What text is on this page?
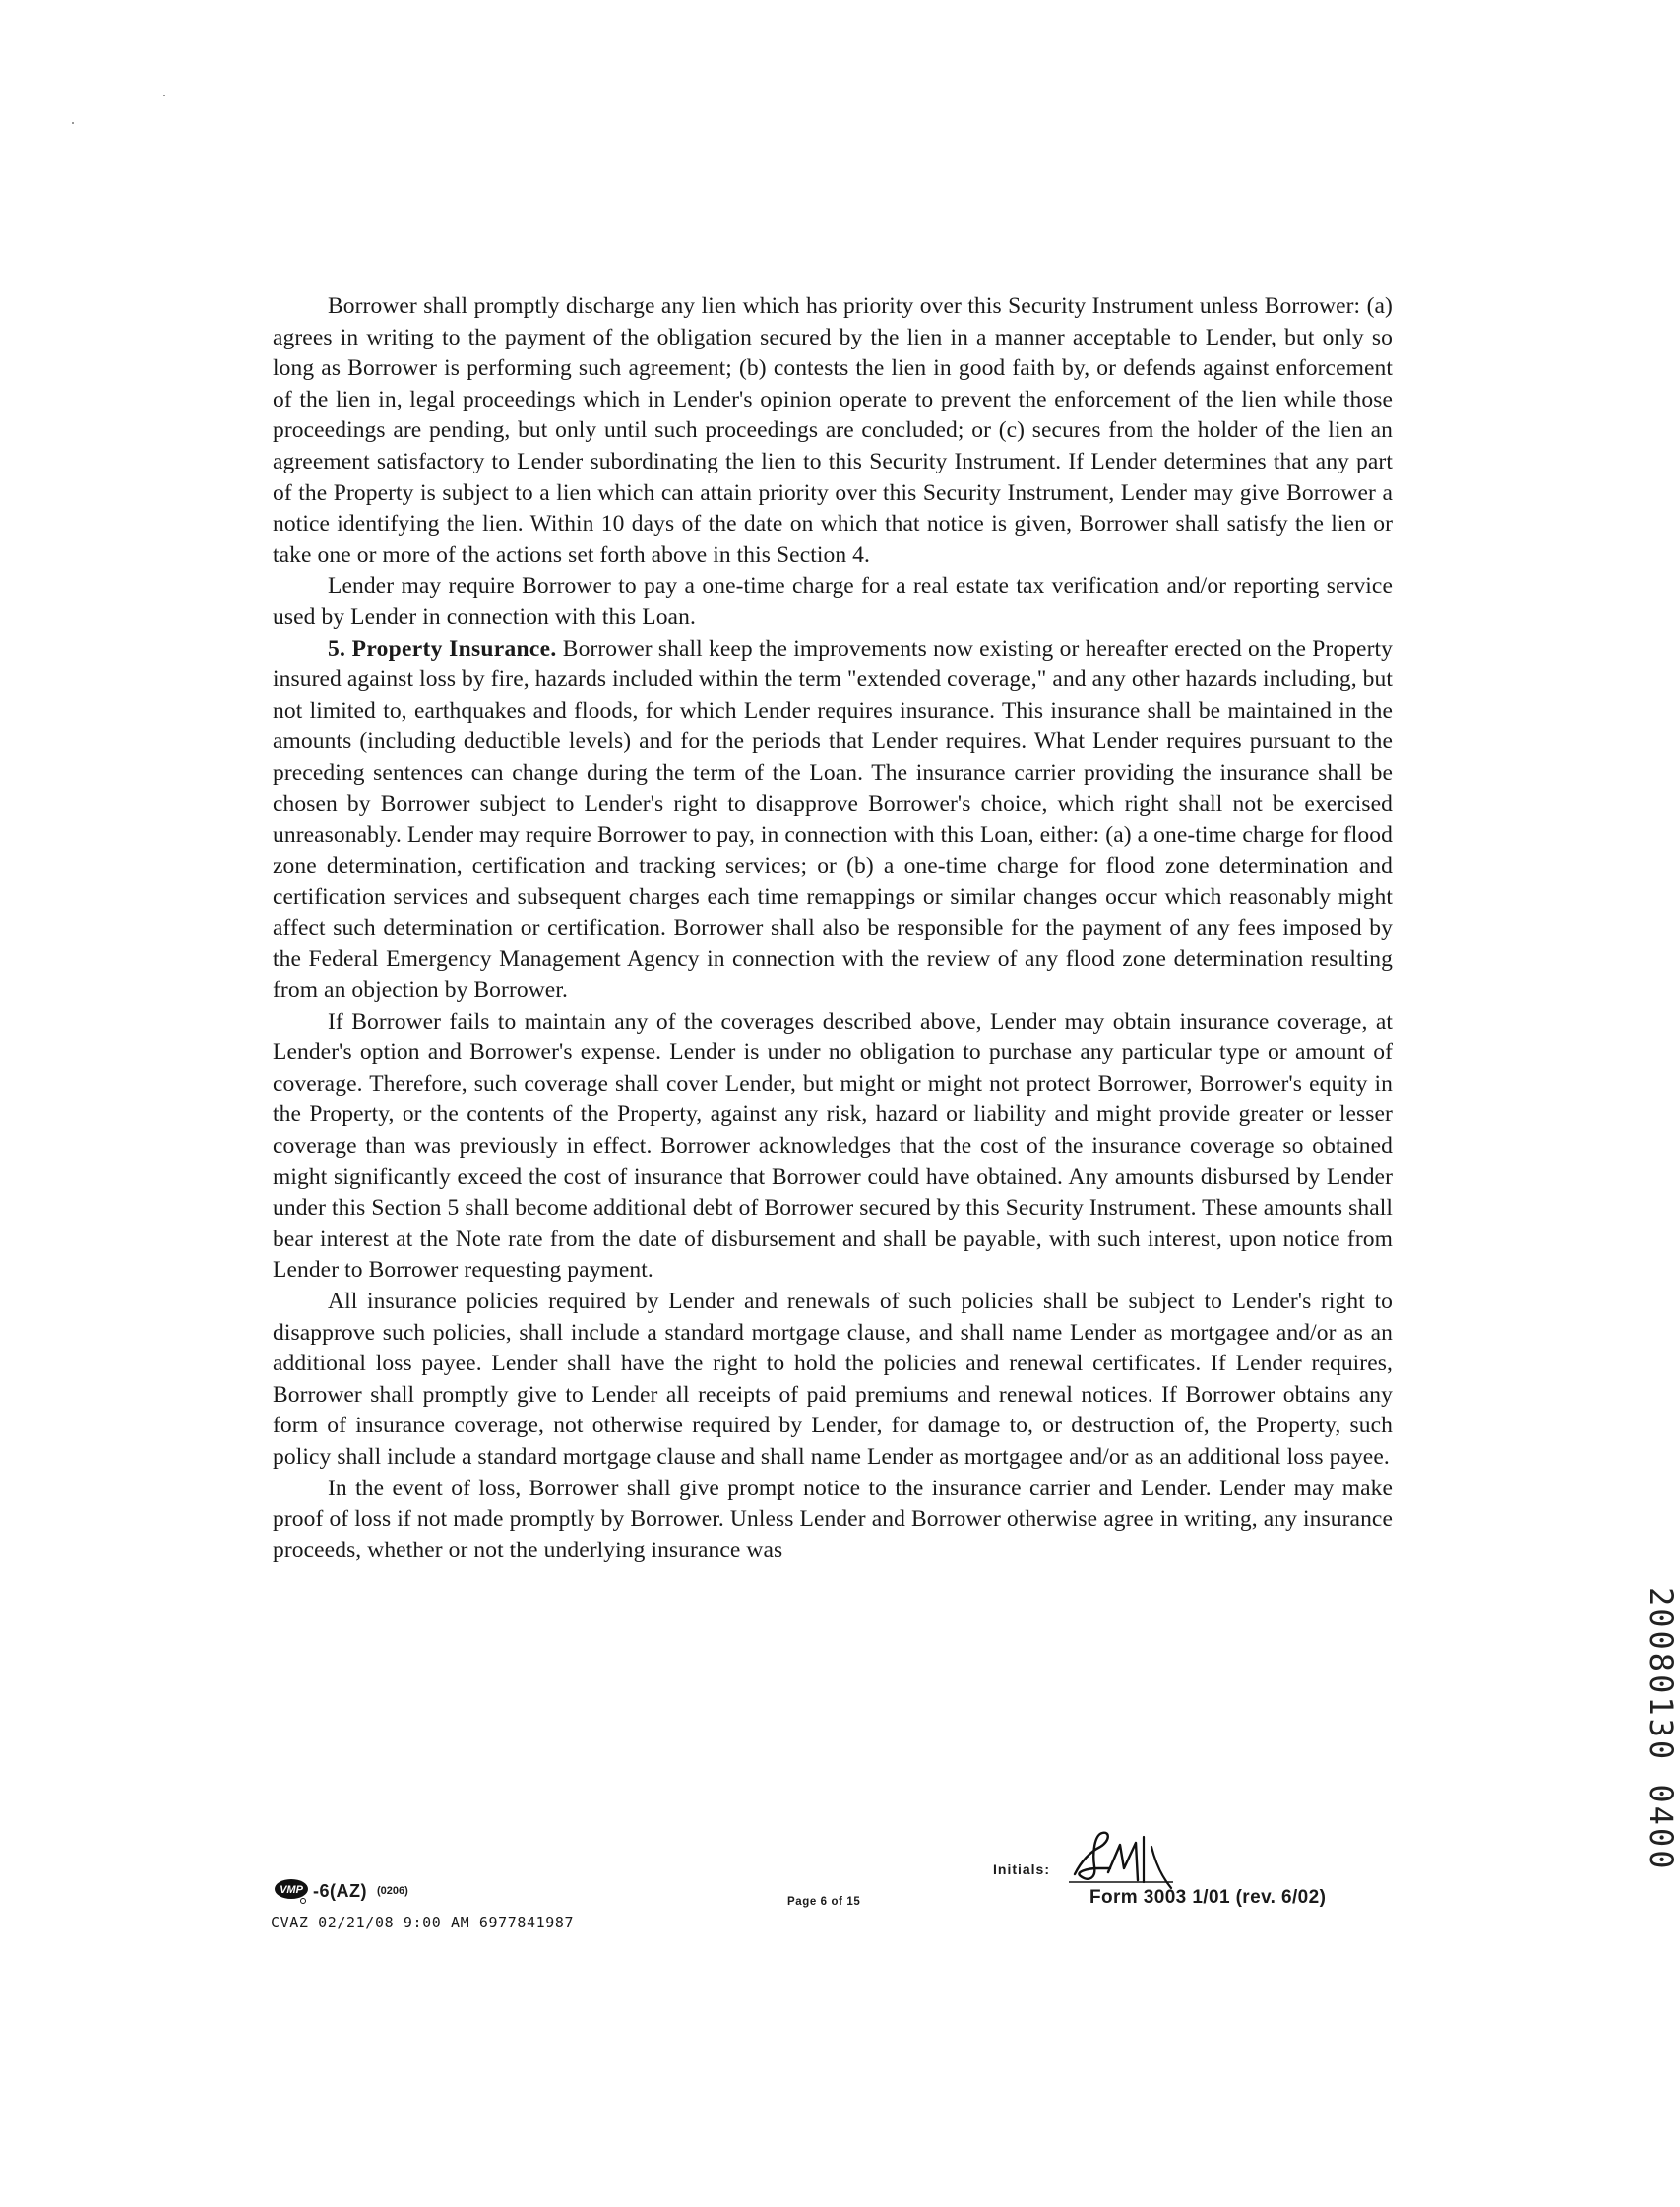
Borrower shall promptly discharge any lien which has priority over this Security Instrument unless Borrower: (a) agrees in writing to the payment of the obligation secured by the lien in a manner acceptable to Lender, but only so long as Borrower is performing such agreement; (b) contests the lien in good faith by, or defends against enforcement of the lien in, legal proceedings which in Lender's opinion operate to prevent the enforcement of the lien while those proceedings are pending, but only until such proceedings are concluded; or (c) secures from the holder of the lien an agreement satisfactory to Lender subordinating the lien to this Security Instrument. If Lender determines that any part of the Property is subject to a lien which can attain priority over this Security Instrument, Lender may give Borrower a notice identifying the lien. Within 10 days of the date on which that notice is given, Borrower shall satisfy the lien or take one or more of the actions set forth above in this Section 4.

Lender may require Borrower to pay a one-time charge for a real estate tax verification and/or reporting service used by Lender in connection with this Loan.

5. Property Insurance. Borrower shall keep the improvements now existing or hereafter erected on the Property insured against loss by fire, hazards included within the term "extended coverage," and any other hazards including, but not limited to, earthquakes and floods, for which Lender requires insurance. This insurance shall be maintained in the amounts (including deductible levels) and for the periods that Lender requires. What Lender requires pursuant to the preceding sentences can change during the term of the Loan. The insurance carrier providing the insurance shall be chosen by Borrower subject to Lender's right to disapprove Borrower's choice, which right shall not be exercised unreasonably. Lender may require Borrower to pay, in connection with this Loan, either: (a) a one-time charge for flood zone determination, certification and tracking services; or (b) a one-time charge for flood zone determination and certification services and subsequent charges each time remappings or similar changes occur which reasonably might affect such determination or certification. Borrower shall also be responsible for the payment of any fees imposed by the Federal Emergency Management Agency in connection with the review of any flood zone determination resulting from an objection by Borrower.

If Borrower fails to maintain any of the coverages described above, Lender may obtain insurance coverage, at Lender's option and Borrower's expense. Lender is under no obligation to purchase any particular type or amount of coverage. Therefore, such coverage shall cover Lender, but might or might not protect Borrower, Borrower's equity in the Property, or the contents of the Property, against any risk, hazard or liability and might provide greater or lesser coverage than was previously in effect. Borrower acknowledges that the cost of the insurance coverage so obtained might significantly exceed the cost of insurance that Borrower could have obtained. Any amounts disbursed by Lender under this Section 5 shall become additional debt of Borrower secured by this Security Instrument. These amounts shall bear interest at the Note rate from the date of disbursement and shall be payable, with such interest, upon notice from Lender to Borrower requesting payment.

All insurance policies required by Lender and renewals of such policies shall be subject to Lender's right to disapprove such policies, shall include a standard mortgage clause, and shall name Lender as mortgagee and/or as an additional loss payee. Lender shall have the right to hold the policies and renewal certificates. If Lender requires, Borrower shall promptly give to Lender all receipts of paid premiums and renewal notices. If Borrower obtains any form of insurance coverage, not otherwise required by Lender, for damage to, or destruction of, the Property, such policy shall include a standard mortgage clause and shall name Lender as mortgagee and/or as an additional loss payee.

In the event of loss, Borrower shall give prompt notice to the insurance carrier and Lender. Lender may make proof of loss if not made promptly by Borrower. Unless Lender and Borrower otherwise agree in writing, any insurance proceeds, whether or not the underlying insurance was

VMP -6(AZ) (0206)
CVAZ 02/21/08 9:00 AM 6977841987
Page 6 of 15
Initials:
Form 3003 1/01 (rev. 6/02)
20080130 0400
